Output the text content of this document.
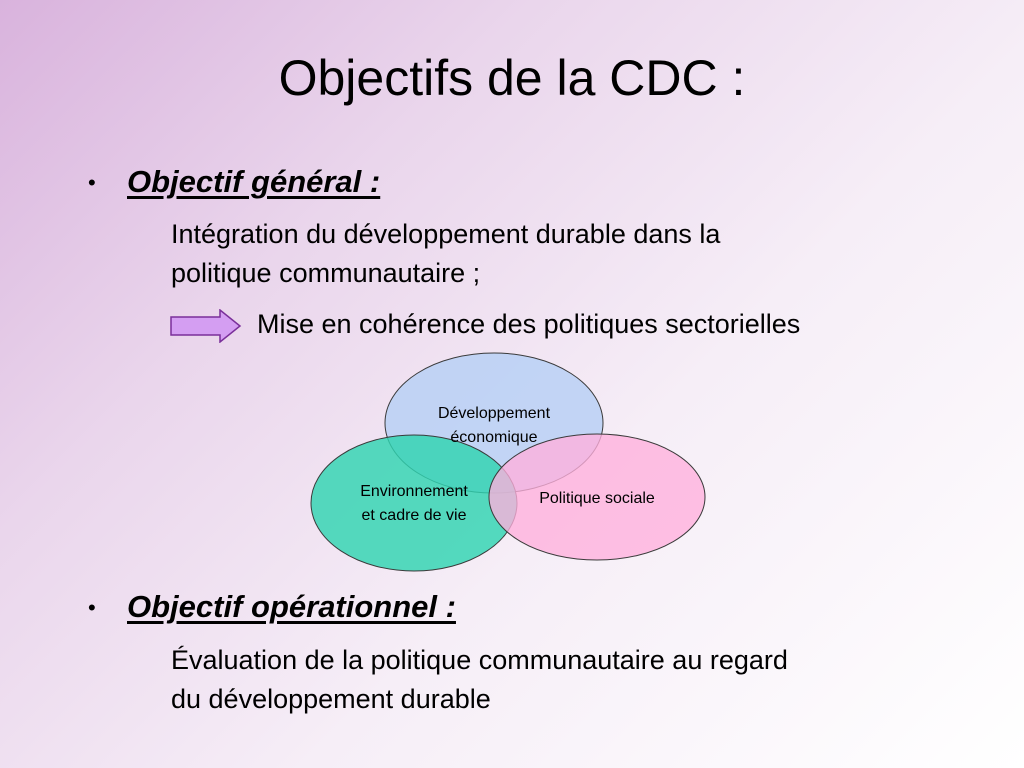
Objectifs de la CDC :
• Objectif général :
Intégration du développement durable dans la
politique communautaire ;
Mise en cohérence des politiques sectorielles
Développement
économique
Environnement
et cadre de vie
Politique sociale
• Objectif opérationnel :
Évaluation de la politique communautaire au regard
du développement durable
